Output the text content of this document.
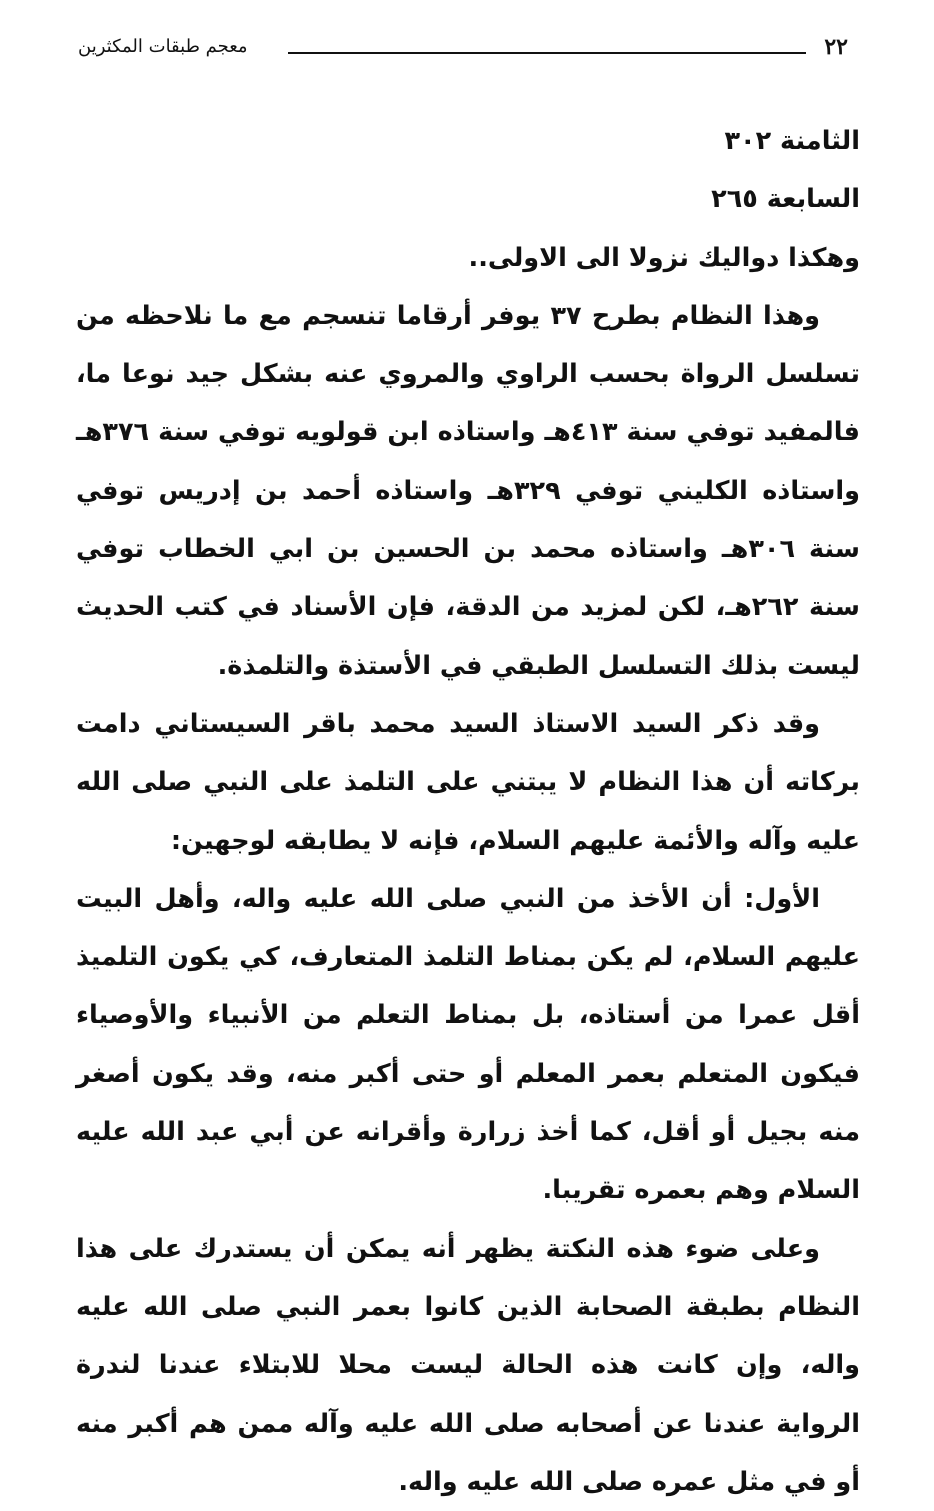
٢٢
معجم طبقات المكثرين

الثامنة ٣٠٢

السابعة ٢٦٥

وهكذا دواليك نزولا الى الاولى..

وهذا النظام بطرح ٣٧ يوفر أرقاما تنسجم مع ما نلاحظه من تسلسل الرواة بحسب الراوي والمروي عنه بشكل جيد نوعا ما، فالمفيد توفي سنة ٤١٣هـ واستاذه ابن قولويه توفي سنة ٣٧٦هـ واستاذه الكليني توفي ٣٢٩هـ واستاذه أحمد بن إدريس توفي سنة ٣٠٦هـ واستاذه محمد بن الحسين بن ابي الخطاب توفي سنة ٢٦٢هـ، لكن لمزيد من الدقة، فإن الأسناد في كتب الحديث ليست بذلك التسلسل الطبقي في الأستذة والتلمذة.

وقد ذكر السيد الاستاذ السيد محمد باقر السيستاني دامت بركاته أن هذا النظام لا يبتني على التلمذ على النبي صلى الله عليه وآله والأئمة عليهم السلام، فإنه لا يطابقه لوجهين:

الأول: أن الأخذ من النبي صلى الله عليه واله، وأهل البيت عليهم السلام، لم يكن بمناط التلمذ المتعارف، كي يكون التلميذ أقل عمرا من أستاذه، بل بمناط التعلم من الأنبياء والأوصياء فيكون المتعلم بعمر المعلم أو حتى أكبر منه، وقد يكون أصغر منه بجيل أو أقل، كما أخذ زرارة وأقرانه عن أبي عبد الله عليه السلام وهم بعمره تقريبا.

وعلى ضوء هذه النكتة يظهر أنه يمكن أن يستدرك على هذا النظام بطبقة الصحابة الذين كانوا بعمر النبي صلى الله عليه واله، وإن كانت هذه الحالة ليست محلا للابتلاء عندنا لندرة الرواية عندنا عن أصحابه صلى الله عليه وآله ممن هم أكبر منه أو في مثل عمره صلى الله عليه واله.
